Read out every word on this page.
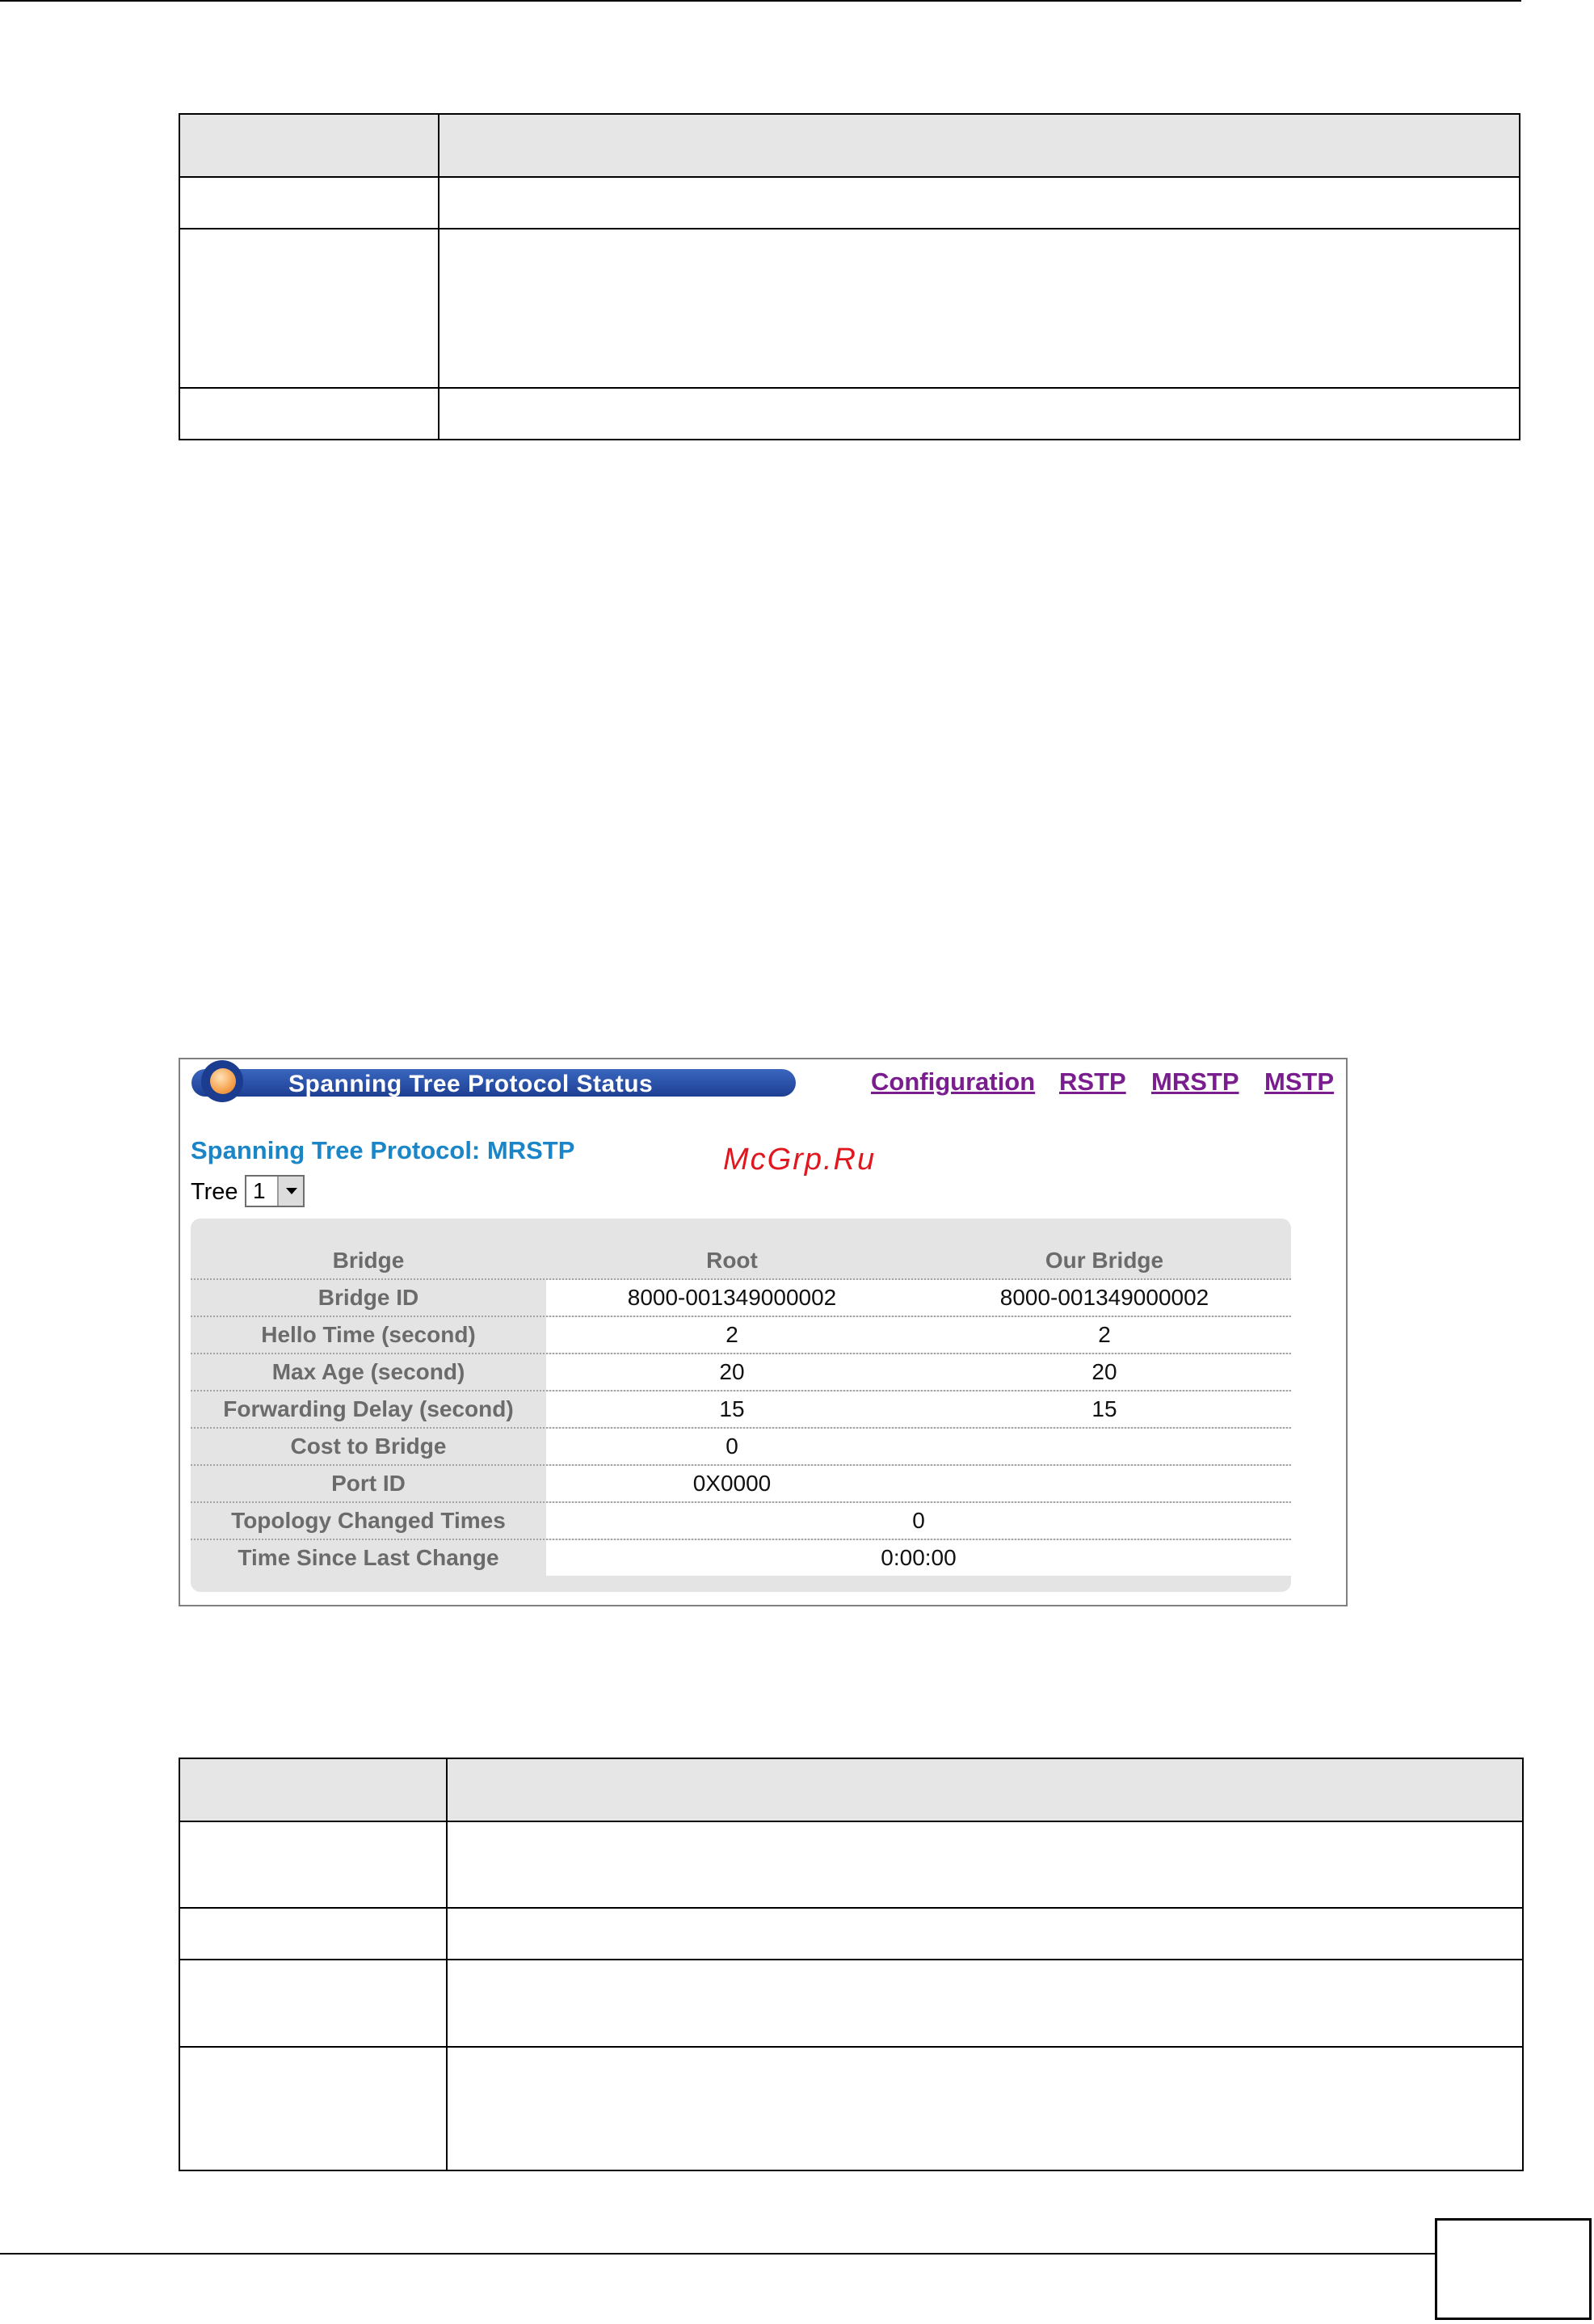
Spanning Tree Protocol Status	Configuration RSTP MRSTP MSTP
Spanning Tree Protocol: MRSTP	McGrp.Ru
Tree 1
Bridge	Root	Our Bridge
Bridge ID	8000-001349000002	8000-001349000002
Hello Time (second)	2	2
Max Age (second)	20	20
Forwarding Delay (second)	15	15
Cost to Bridge	0
Port ID	0X0000
Topology Changed Times	0
Time Since Last Change	0:00:00
